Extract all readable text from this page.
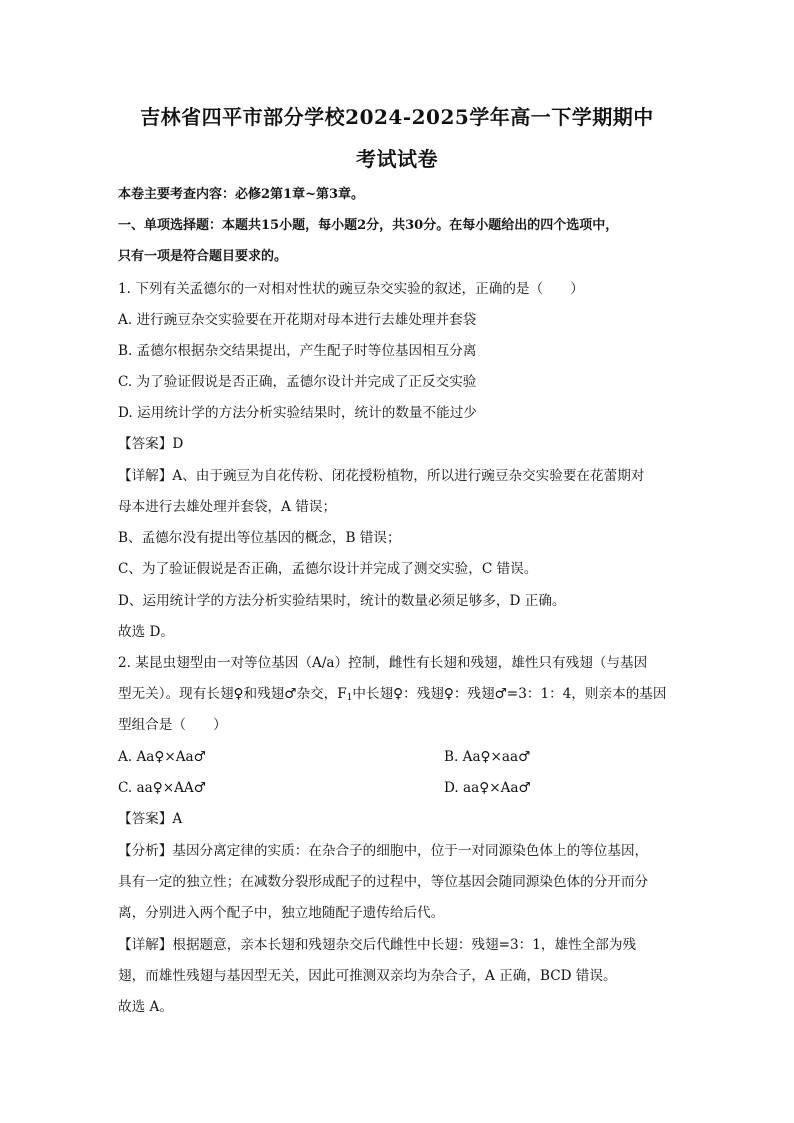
吉林省四平市部分学校2024-2025学年高一下学期期中
考试试卷
本卷主要考查内容：必修2第1章~第3章。
一、单项选择题：本题共15小题，每小题2分，共30分。在每小题给出的四个选项中，
只有一项是符合题目要求的。
1. 下列有关孟德尔的一对相对性状的豌豆杂交实验的叙述，正确的是（　　）
A. 进行豌豆杂交实验要在开花期对母本进行去雄处理并套袋
B. 孟德尔根据杂交结果提出，产生配子时等位基因相互分离
C. 为了验证假说是否正确，孟德尔设计并完成了正反交实验
D. 运用统计学的方法分析实验结果时，统计的数量不能过少
【答案】D
【详解】A、由于豌豆为自花传粉、闭花授粉植物，所以进行豌豆杂交实验要在花蕾期对
母本进行去雄处理并套袋，A 错误；
B、孟德尔没有提出等位基因的概念，B 错误；
C、为了验证假说是否正确，孟德尔设计并完成了测交实验，C 错误。
D、运用统计学的方法分析实验结果时，统计的数量必须足够多，D 正确。
故选 D。
2. 某昆虫翅型由一对等位基因（A/a）控制，雌性有长翅和残翅，雄性只有残翅（与基因
型无关）。现有长翅♀和残翅♂杂交，$F_1$中长翅♀：残翅♀：残翅♂=3：1：4，则亲本的基因
型组合是（　　）
A. Aa♀×Aa♂	B. Aa♀×aa♂
C. aa♀×AA♂	D. aa♀×Aa♂
【答案】A
【分析】基因分离定律的实质：在杂合子的细胞中，位于一对同源染色体上的等位基因，
具有一定的独立性；在减数分裂形成配子的过程中，等位基因会随同源染色体的分开而分
离，分别进入两个配子中，独立地随配子遗传给后代。
【详解】根据题意，亲本长翅和残翅杂交后代雌性中长翅：残翅=3：1，雄性全部为残
翅，而雄性残翅与基因型无关，因此可推测双亲均为杂合子，A 正确，BCD 错误。
故选 A。
